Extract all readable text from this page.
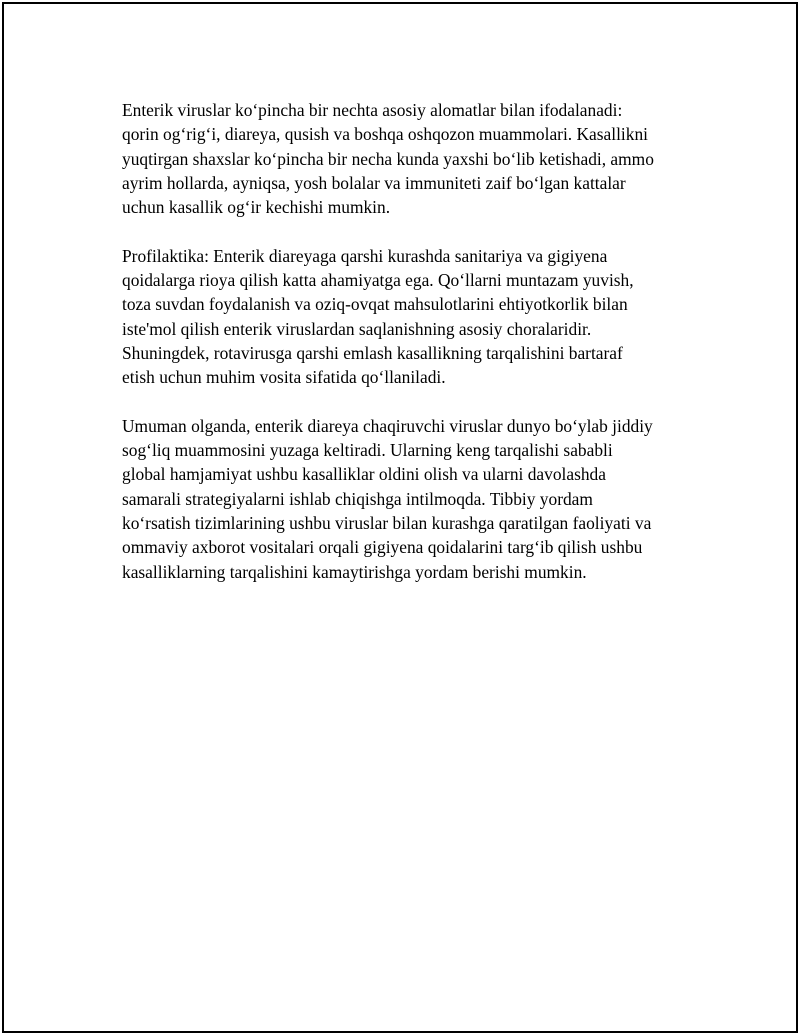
Enterik viruslar ko‘pincha bir nechta asosiy alomatlar bilan ifodalanadi:
qorin og‘rig‘i, diareya, qusish va boshqa oshqozon muammolari. Kasallikni
yuqtirgan shaxslar ko‘pincha bir necha kunda yaxshi bo‘lib ketishadi, ammo
ayrim hollarda, ayniqsa, yosh bolalar va immuniteti zaif bo‘lgan kattalar
uchun kasallik og‘ir kechishi mumkin.

Profilaktika: Enterik diareyaga qarshi kurashda sanitariya va gigiyena
qoidalarga rioya qilish katta ahamiyatga ega. Qo‘llarni muntazam yuvish,
toza suvdan foydalanish va oziq-ovqat mahsulotlarini ehtiyotkorlik bilan
iste'mol qilish enterik viruslardan saqlanishning asosiy choralaridir.
Shuningdek, rotavirusga qarshi emlash kasallikning tarqalishini bartaraf
etish uchun muhim vosita sifatida qo‘llaniladi.

Umuman olganda, enterik diareya chaqiruvchi viruslar dunyo bo‘ylab jiddiy
sog‘liq muammosini yuzaga keltiradi. Ularning keng tarqalishi sababli
global hamjamiyat ushbu kasalliklar oldini olish va ularni davolashda
samarali strategiyalarni ishlab chiqishga intilmoqda. Tibbiy yordam
ko‘rsatish tizimlarining ushbu viruslar bilan kurashga qaratilgan faoliyati va
ommaviy axborot vositalari orqali gigiyena qoidalarini targ‘ib qilish ushbu
kasalliklarning tarqalishini kamaytirishga yordam berishi mumkin.
